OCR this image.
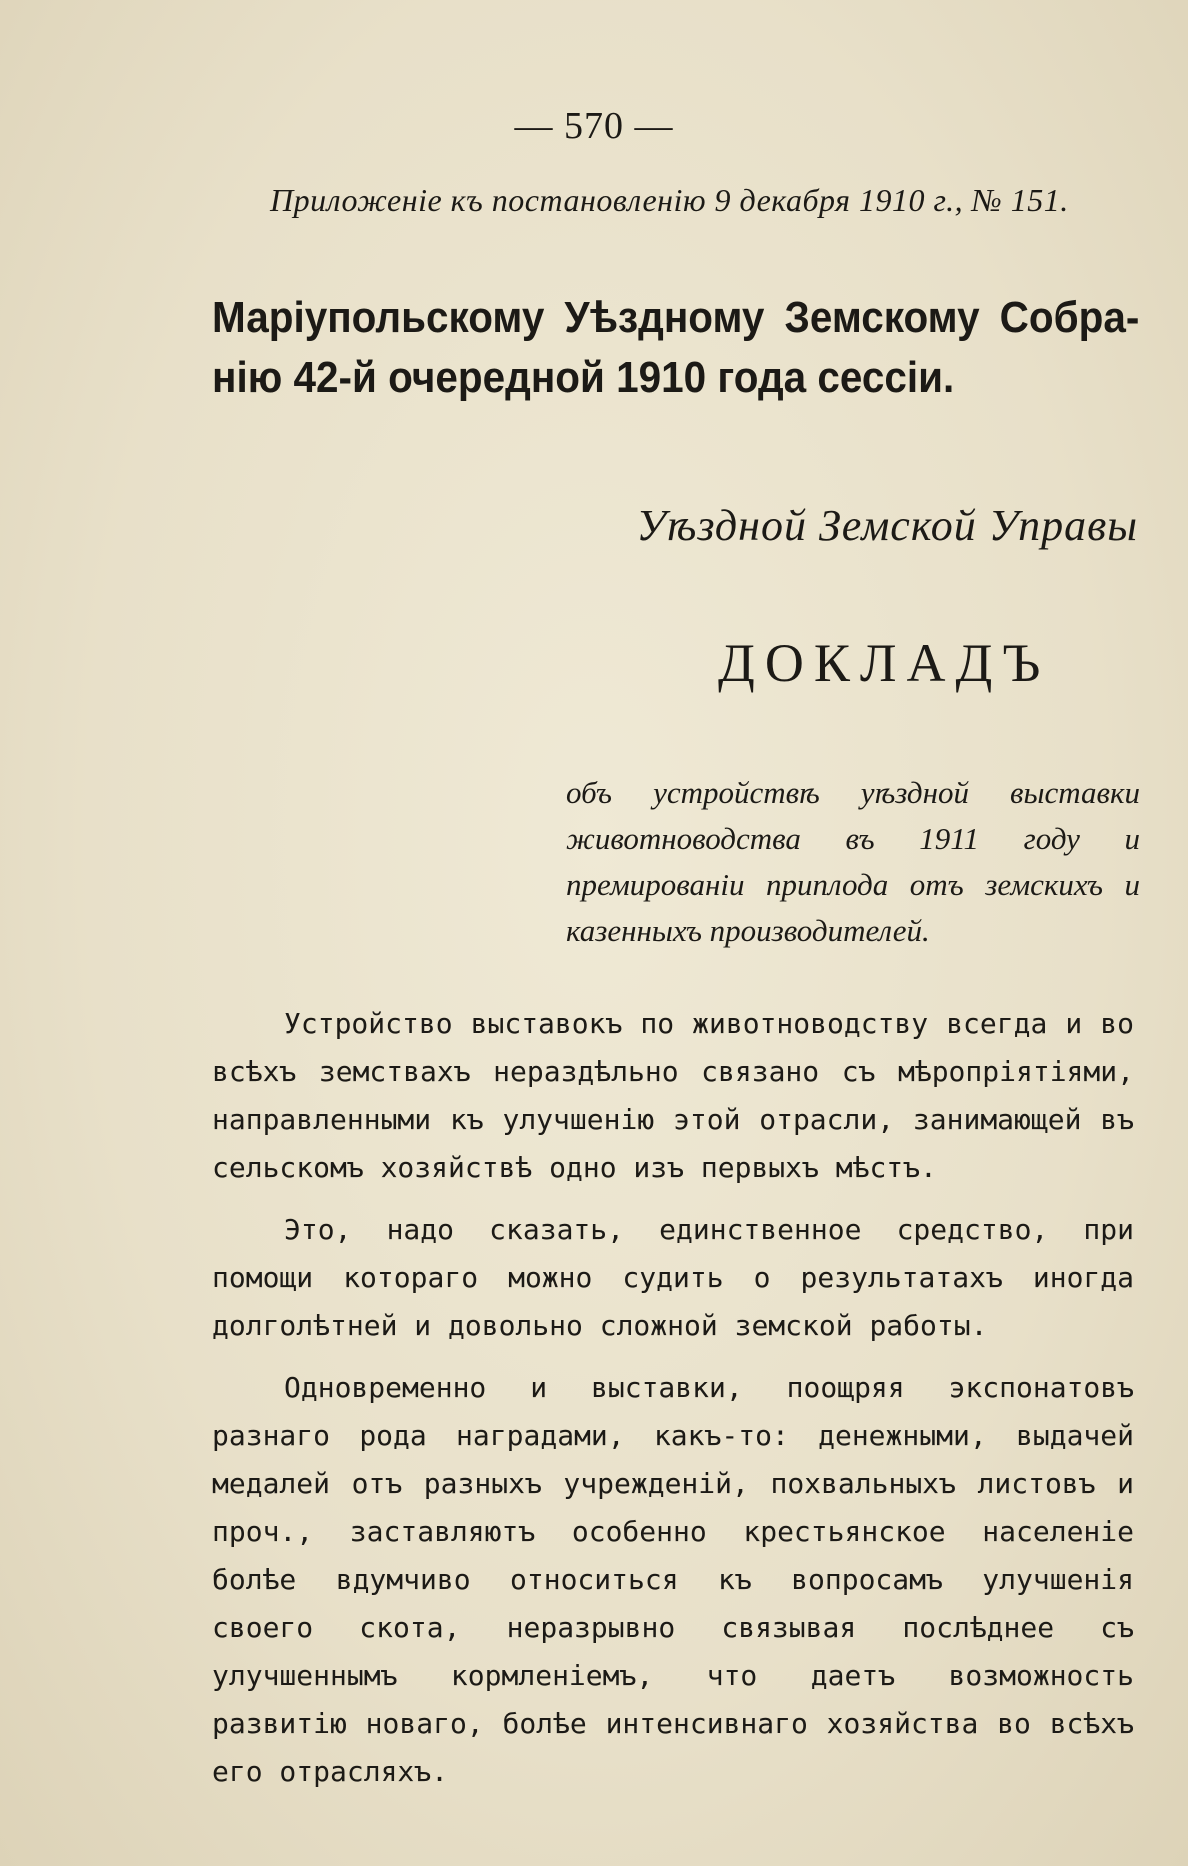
— 570 —
Приложеніе къ постановленію 9 декабря 1910 г., № 151.
Маріупольскому Уѣздному Земскому Собра-
нію 42-й очередной 1910 года сессіи.
Уѣздной Земской Управы
ДОКЛАДЪ
объ устройствѣ уѣздной выставки животноводства въ 1911 году и премированіи приплода отъ земскихъ и казенныхъ производителей.

Устройство выставокъ по животноводству всегда и во всѣхъ земствахъ нераздѣльно связано съ мѣропріятіями, направленными къ улучшенію этой отрасли, занимающей въ сельскомъ хозяйствѣ одно изъ первыхъ мѣстъ.

Это, надо сказать, единственное средство, при помощи котораго можно судить о результатахъ иногда долголѣтней и довольно сложной земской работы.

Одновременно и выставки, поощряя экспонатовъ разнаго рода наградами, какъ-то: денежными, выдачей медалей отъ разныхъ учрежденій, похвальныхъ листовъ и проч., заставляютъ особенно крестьянское населеніе болѣе вдумчиво относиться къ вопросамъ улучшенія своего скота, неразрывно связывая послѣднее съ улучшеннымъ кормленіемъ, что даетъ возможность развитію новаго, болѣе интенсивнаго хозяйства во всѣхъ его отрасляхъ.
